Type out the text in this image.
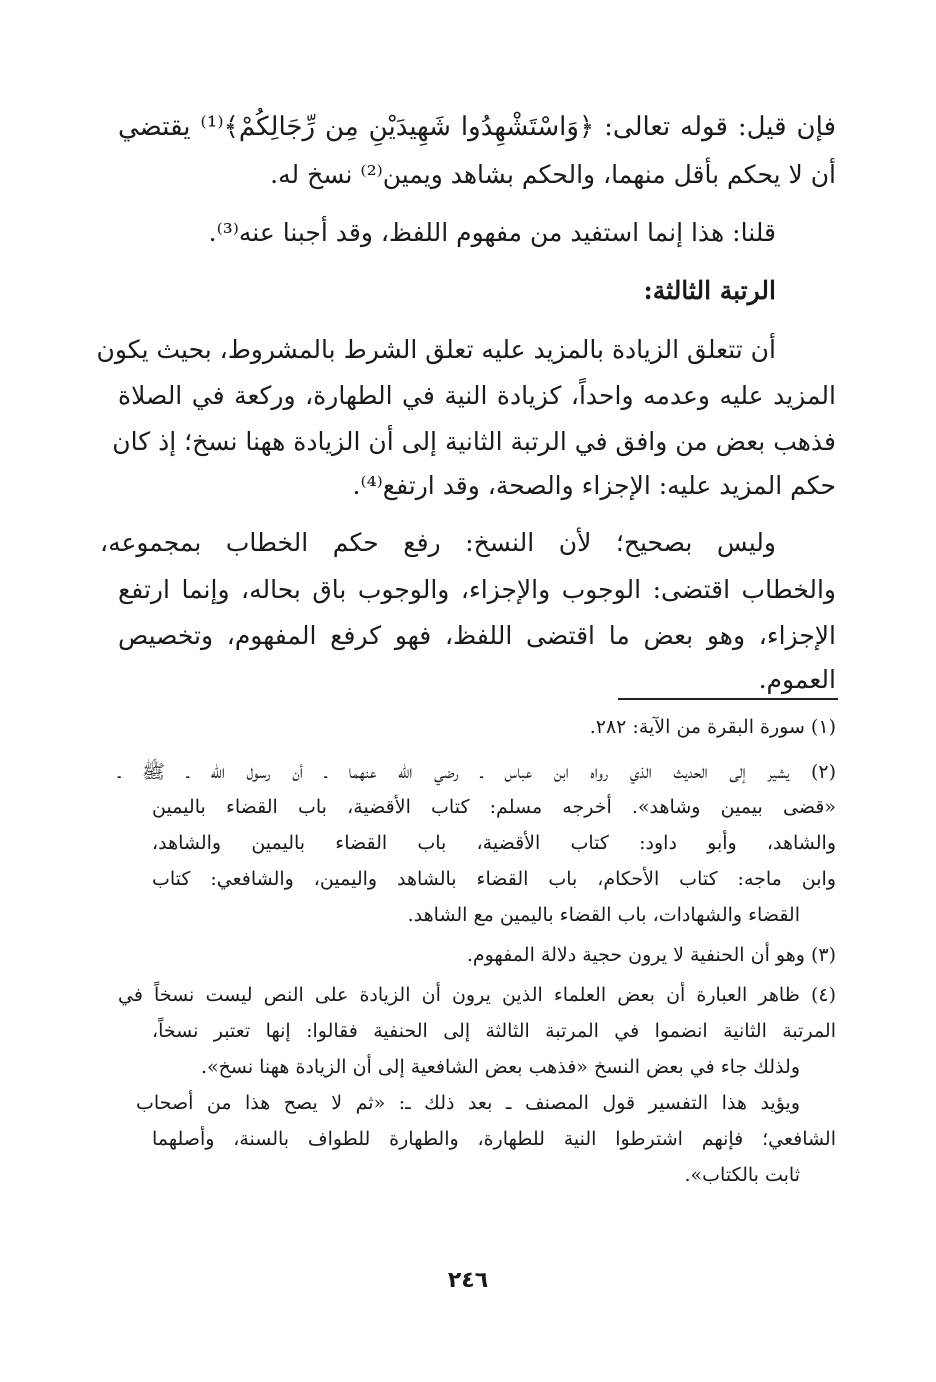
فإن قيل: قوله تعالى: ﴿وَاسْتَشْهِدُوا شَهِيدَيْنِ مِن رِّجَالِكُمْ﴾⁽¹⁾ يقتضي
أن لا يحكم بأقل منهما، والحكم بشاهد ويمين⁽²⁾ نسخ له.
قلنا: هذا إنما استفيد من مفهوم اللفظ، وقد أجبنا عنه⁽³⁾.
الرتبة الثالثة:
أن تتعلق الزيادة بالمزيد عليه تعلق الشرط بالمشروط، بحيث يكون
المزيد عليه وعدمه واحداً، كزيادة النية في الطهارة، وركعة في الصلاة
فذهب بعض من وافق في الرتبة الثانية إلى أن الزيادة ههنا نسخ؛ إذ كان
حكم المزيد عليه: الإجزاء والصحة، وقد ارتفع⁽⁴⁾.
وليس بصحيح؛ لأن النسخ: رفع حكم الخطاب بمجموعه،
والخطاب اقتضى: الوجوب والإجزاء، والوجوب باق بحاله، وإنما ارتفع
الإجزاء، وهو بعض ما اقتضى اللفظ، فهو كرفع المفهوم، وتخصيص
العموم.
(١) سورة البقرة من الآية: ٢٨٢.
(٢) يشير إلى الحديث الذي رواه ابن عباس ـ رضي الله عنهما ـ أن رسول الله ـ ﷺ ـ
«قضى بيمين وشاهد». أخرجه مسلم: كتاب الأقضية، باب القضاء باليمين
والشاهد، وأبو داود: كتاب الأقضية، باب القضاء باليمين والشاهد،
وابن ماجه: كتاب الأحكام، باب القضاء بالشاهد واليمين، والشافعي: كتاب
القضاء والشهادات، باب القضاء باليمين مع الشاهد.
(٣) وهو أن الحنفية لا يرون حجية دلالة المفهوم.
(٤) ظاهر العبارة أن بعض العلماء الذين يرون أن الزيادة على النص ليست نسخاً في
المرتبة الثانية انضموا في المرتبة الثالثة إلى الحنفية فقالوا: إنها تعتبر نسخاً،
ولذلك جاء في بعض النسخ «فذهب بعض الشافعية إلى أن الزيادة ههنا نسخ».
ويؤيد هذا التفسير قول المصنف ـ بعد ذلك ـ: «ثم لا يصح هذا من أصحاب
الشافعي؛ فإنهم اشترطوا النية للطهارة، والطهارة للطواف بالسنة، وأصلهما
ثابت بالكتاب».
٢٤٦
